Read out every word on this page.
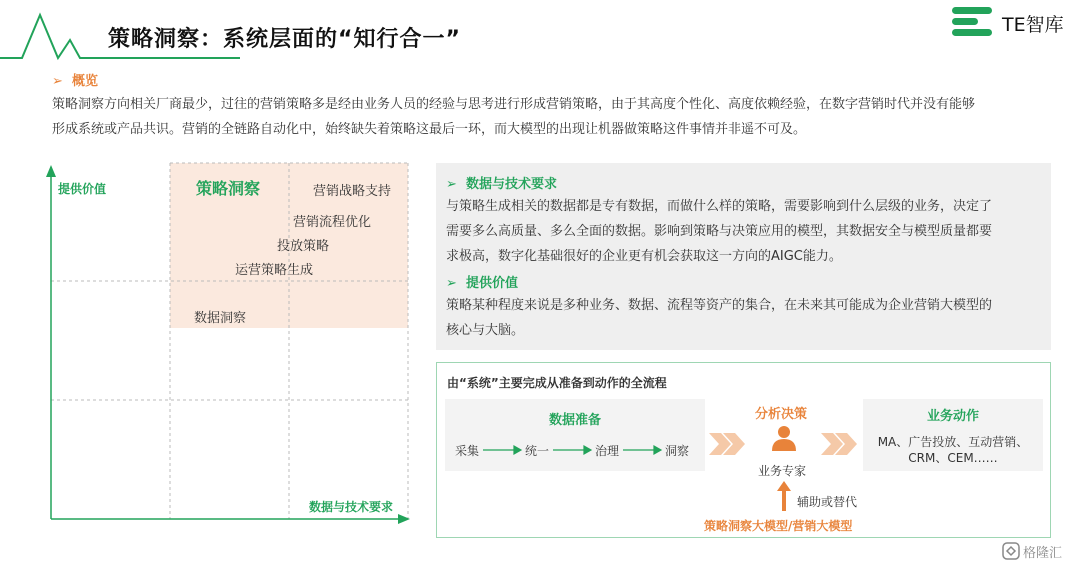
策略洞察：系统层面的“知行合一”
TE智库
➢ 概览
策略洞察方向相关厂商最少，过往的营销策略多是经由业务人员的经验与思考进行形成营销策略，由于其高度个性化、高度依赖经验，在数字营销时代并没有能够
形成系统或产品共识。营销的全链路自动化中，始终缺失着策略这最后一环，而大模型的出现让机器做策略这件事情并非遥不可及。
提供价值
数据与技术要求
策略洞察	营销战略支持
营销流程优化
投放策略
运营策略生成
数据洞察
➢ 数据与技术要求
与策略生成相关的数据都是专有数据，而做什么样的策略，需要影响到什么层级的业务，决定了
需要多么高质量、多么全面的数据。影响到策略与决策应用的模型，其数据安全与模型质量都要
求极高，数字化基础很好的企业更有机会获取这一方向的AIGC能力。
➢ 提供价值
策略某种程度来说是多种业务、数据、流程等资产的集合，在未来其可能成为企业营销大模型的
核心与大脑。
由“系统”主要完成从准备到动作的全流程
数据准备
采集	统一	治理	洞察
分析决策
业务专家
辅助或替代
策略洞察大模型/营销大模型
业务动作
MA、广告投放、互动营销、
CRM、CEM……
格隆汇
